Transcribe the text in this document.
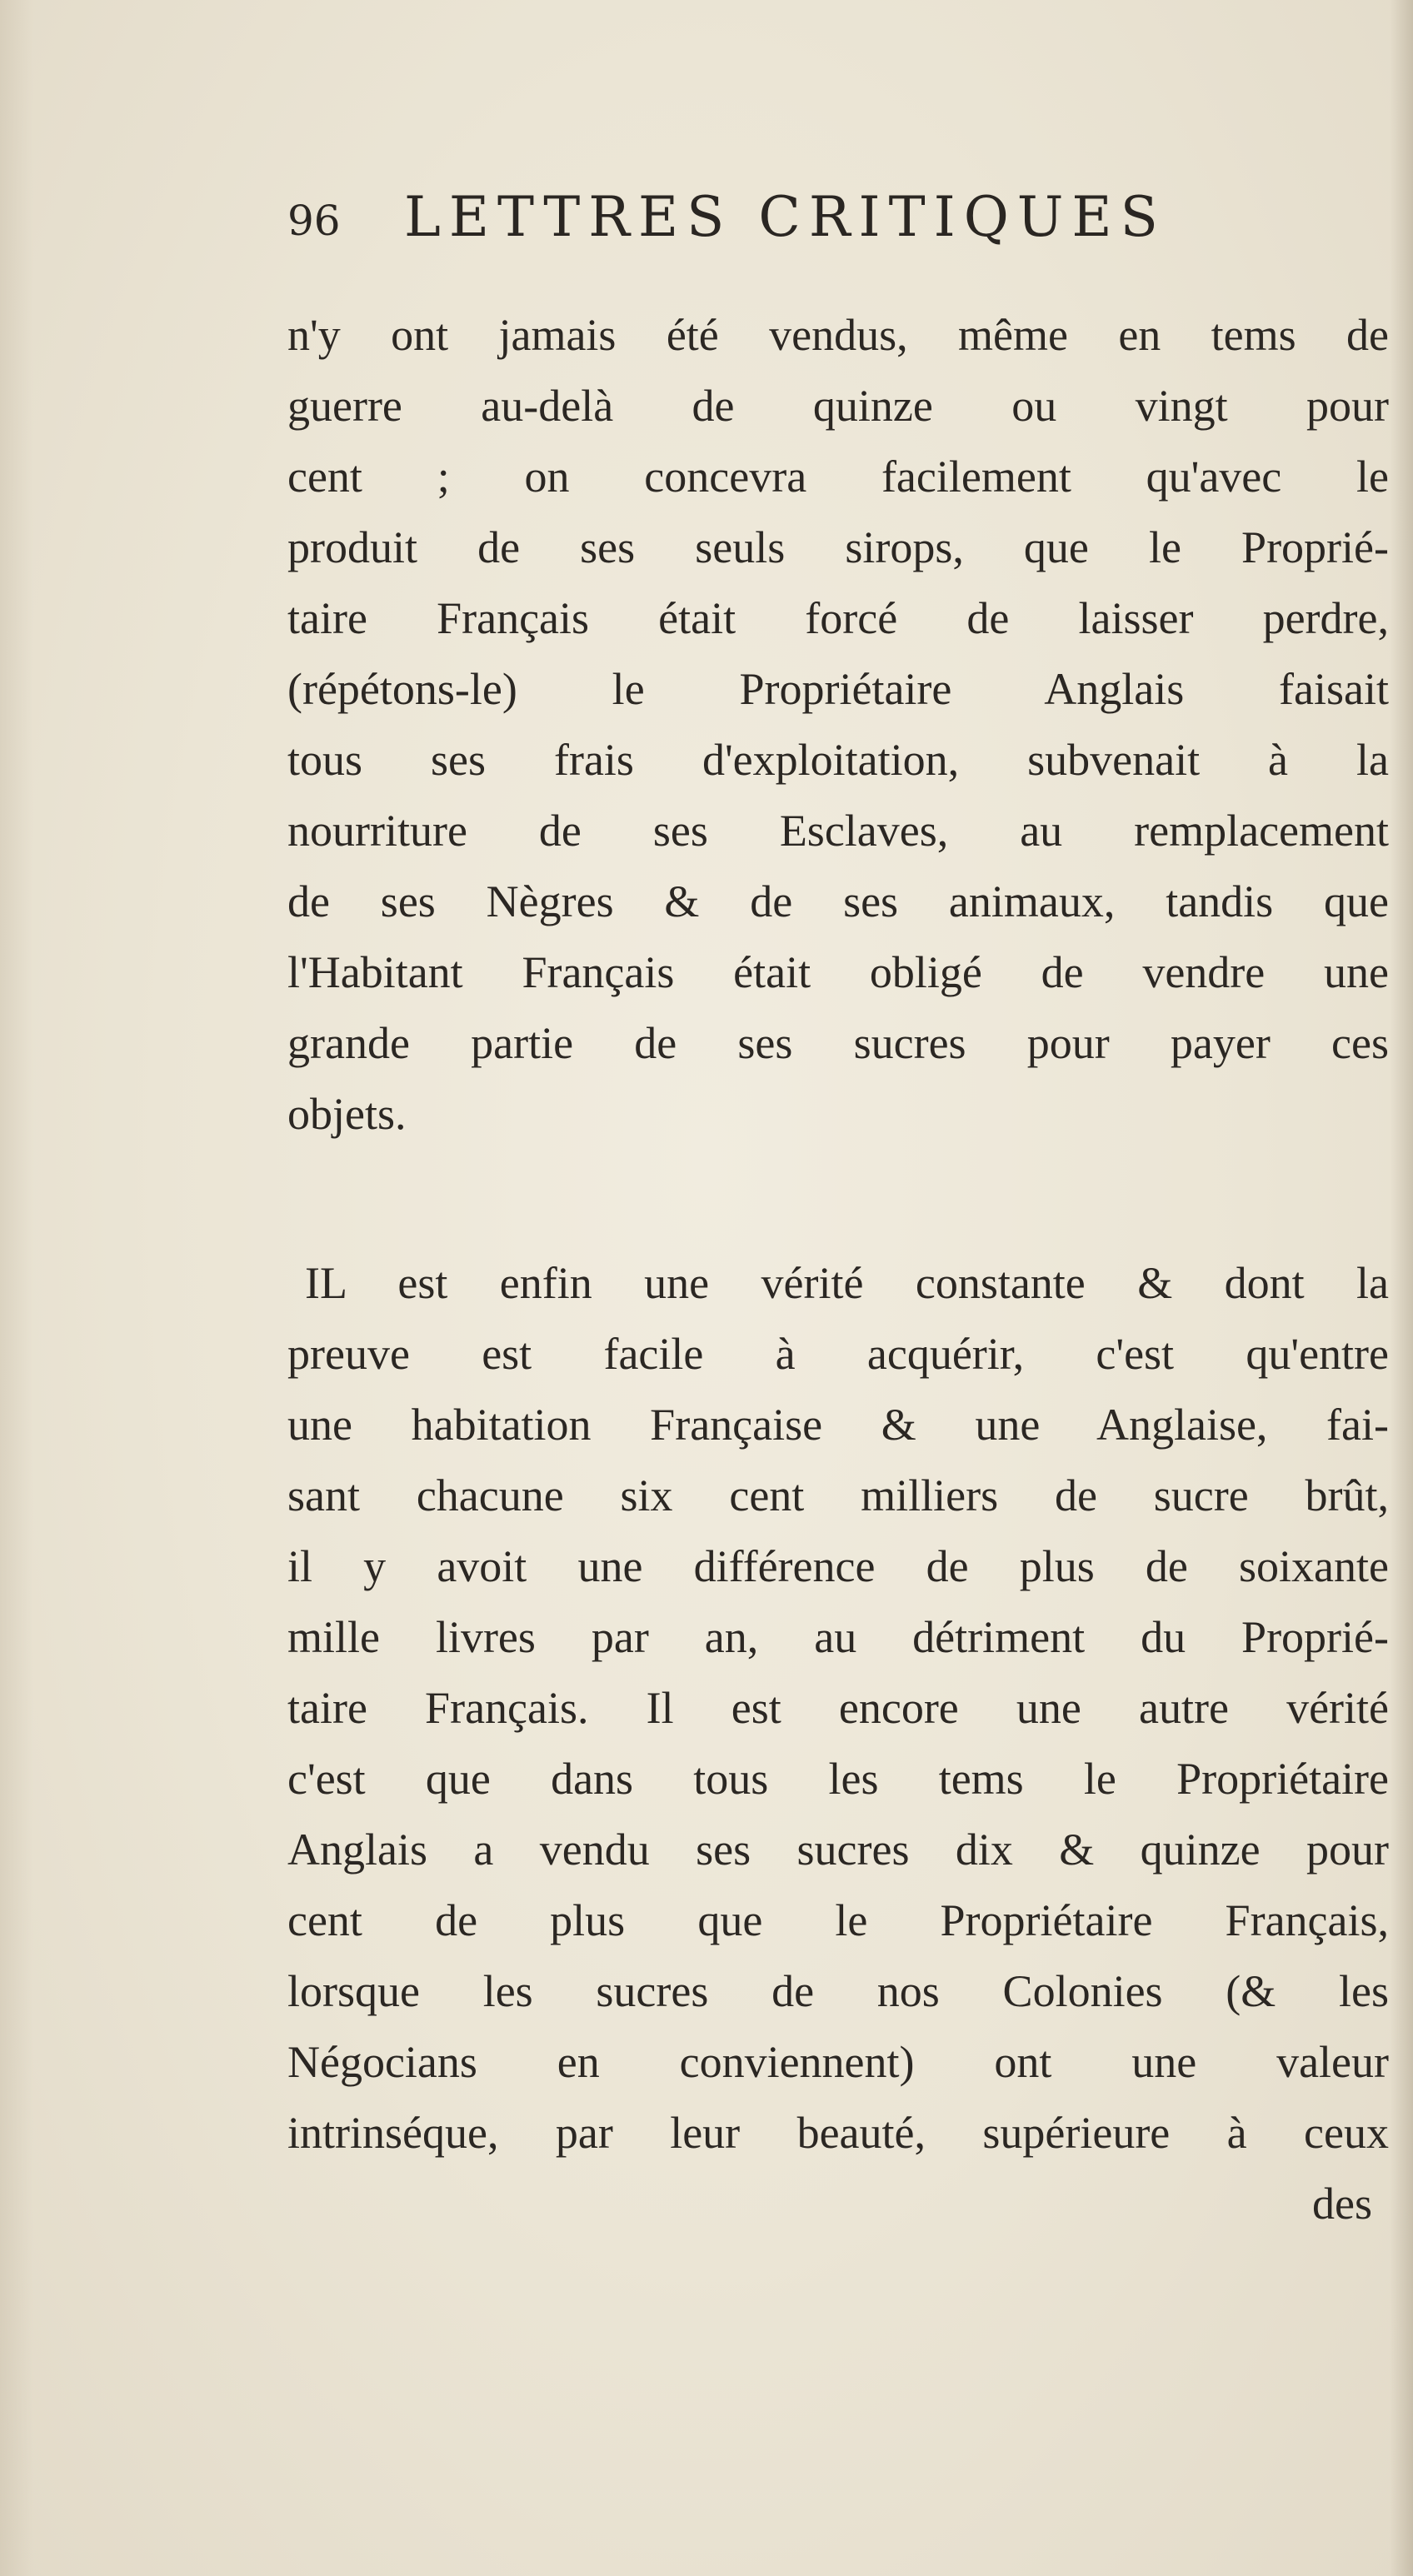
96 LETTRES CRITIQUES
n'y ont jamais été vendus, même en tems de
guerre au-delà de quinze ou vingt pour
cent ; on concevra facilement qu'avec le
produit de ses seuls sirops, que le Proprié-
taire Français était forcé de laisser perdre,
(répétons-le) le Propriétaire Anglais faisait
tous ses frais d'exploitation, subvenait à la
nourriture de ses Esclaves, au remplacement
de ses Nègres & de ses animaux, tandis que
l'Habitant Français était obligé de vendre une
grande partie de ses sucres pour payer ces
objets.
IL est enfin une vérité constante & dont la
preuve est facile à acquérir, c'est qu'entre
une habitation Française & une Anglaise, fai-
sant chacune six cent milliers de sucre brût,
il y avoit une différence de plus de soixante
mille livres par an, au détriment du Proprié-
taire Français. Il est encore une autre vérité
c'est que dans tous les tems le Propriétaire
Anglais a vendu ses sucres dix & quinze pour
cent de plus que le Propriétaire Français,
lorsque les sucres de nos Colonies (& les
Négocians en conviennent) ont une valeur
intrinséque, par leur beauté, supérieure à ceux
des
